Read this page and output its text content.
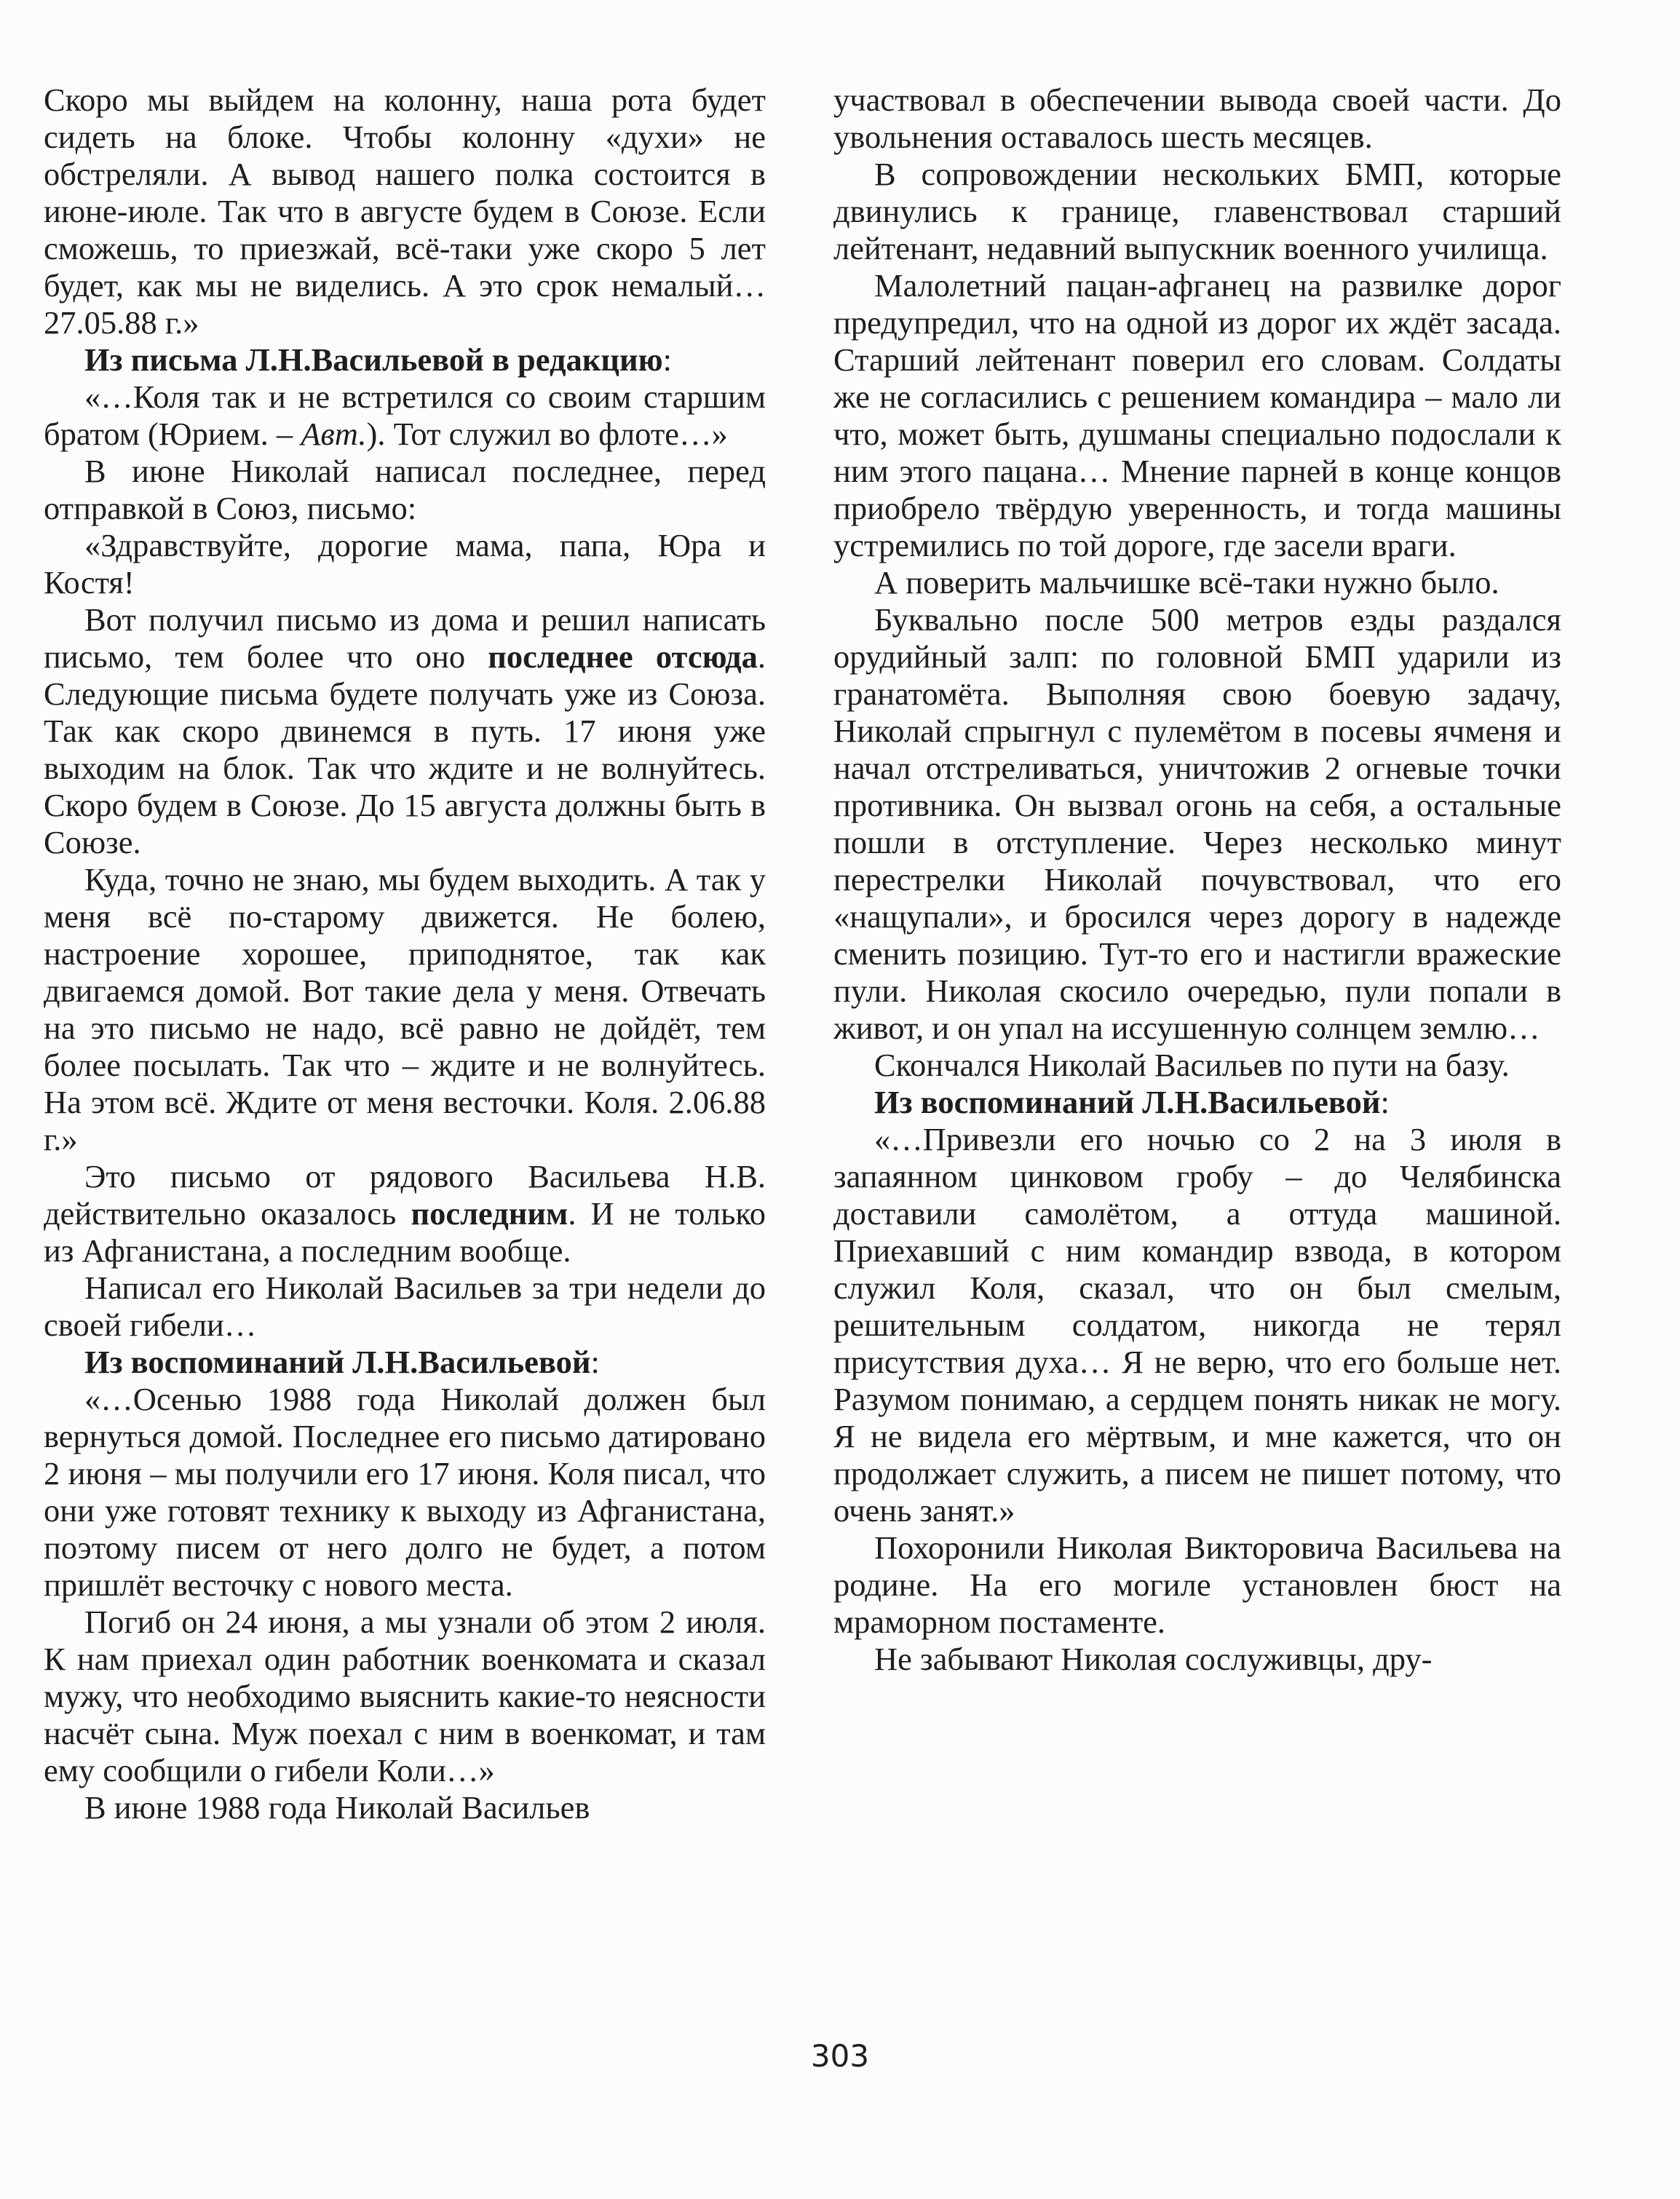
Скоро мы выйдем на колонну, наша рота будет сидеть на блоке. Чтобы колонну «духи» не обстреляли. А вывод нашего полка состоится в июне-июле. Так что в августе будем в Союзе. Если сможешь, то приезжай, всё-таки уже скоро 5 лет будет, как мы не виделись. А это срок немалый… 27.05.88 г.»

Из письма Л.Н.Васильевой в редакцию:

«…Коля так и не встретился со своим старшим братом (Юрием. – Авт.). Тот служил во флоте…»

В июне Николай написал последнее, перед отправкой в Союз, письмо:

«Здравствуйте, дорогие мама, папа, Юра и Костя!

Вот получил письмо из дома и решил написать письмо, тем более что оно последнее отсюда. Следующие письма будете получать уже из Союза. Так как скоро двинемся в путь. 17 июня уже выходим на блок. Так что ждите и не волнуйтесь. Скоро будем в Союзе. До 15 августа должны быть в Союзе.

Куда, точно не знаю, мы будем выходить. А так у меня всё по-старому движется. Не болею, настроение хорошее, приподнятое, так как двигаемся домой. Вот такие дела у меня. Отвечать на это письмо не надо, всё равно не дойдёт, тем более посылать. Так что – ждите и не волнуйтесь. На этом всё. Ждите от меня весточки. Коля. 2.06.88 г.»

Это письмо от рядового Васильева Н.В. действительно оказалось последним. И не только из Афганистана, а последним вообще.

Написал его Николай Васильев за три недели до своей гибели…

Из воспоминаний Л.Н.Васильевой:

«…Осенью 1988 года Николай должен был вернуться домой. Последнее его письмо датировано 2 июня – мы получили его 17 июня. Коля писал, что они уже готовят технику к выходу из Афганистана, поэтому писем от него долго не будет, а потом пришлёт весточку с нового места.

Погиб он 24 июня, а мы узнали об этом 2 июля. К нам приехал один работник военкомата и сказал мужу, что необходимо выяснить какие-то неясности насчёт сына. Муж поехал с ним в военкомат, и там ему сообщили о гибели Коли…»

В июне 1988 года Николай Васильев

участвовал в обеспечении вывода своей части. До увольнения оставалось шесть месяцев.

В сопровождении нескольких БМП, которые двинулись к границе, главенствовал старший лейтенант, недавний выпускник военного училища.

Малолетний пацан-афганец на развилке дорог предупредил, что на одной из дорог их ждёт засада. Старший лейтенант поверил его словам. Солдаты же не согласились с решением командира – мало ли что, может быть, душманы специально подослали к ним этого пацана… Мнение парней в конце концов приобрело твёрдую уверенность, и тогда машины устремились по той дороге, где засели враги.

А поверить мальчишке всё-таки нужно было.

Буквально после 500 метров езды раздался орудийный залп: по головной БМП ударили из гранатомёта. Выполняя свою боевую задачу, Николай спрыгнул с пулемётом в посевы ячменя и начал отстреливаться, уничтожив 2 огневые точки противника. Он вызвал огонь на себя, а остальные пошли в отступление. Через несколько минут перестрелки Николай почувствовал, что его «нащупали», и бросился через дорогу в надежде сменить позицию. Тут-то его и настигли вражеские пули. Николая скосило очередью, пули попали в живот, и он упал на иссушенную солнцем землю…

Скончался Николай Васильев по пути на базу.

Из воспоминаний Л.Н.Васильевой:

«…Привезли его ночью со 2 на 3 июля в запаянном цинковом гробу – до Челябинска доставили самолётом, а оттуда машиной. Приехавший с ним командир взвода, в котором служил Коля, сказал, что он был смелым, решительным солдатом, никогда не терял присутствия духа… Я не верю, что его больше нет. Разумом понимаю, а сердцем понять никак не могу. Я не видела его мёртвым, и мне кажется, что он продолжает служить, а писем не пишет потому, что очень занят.»

Похоронили Николая Викторовича Васильева на родине. На его могиле установлен бюст на мраморном постаменте.

Не забывают Николая сослуживцы, дру-

303
